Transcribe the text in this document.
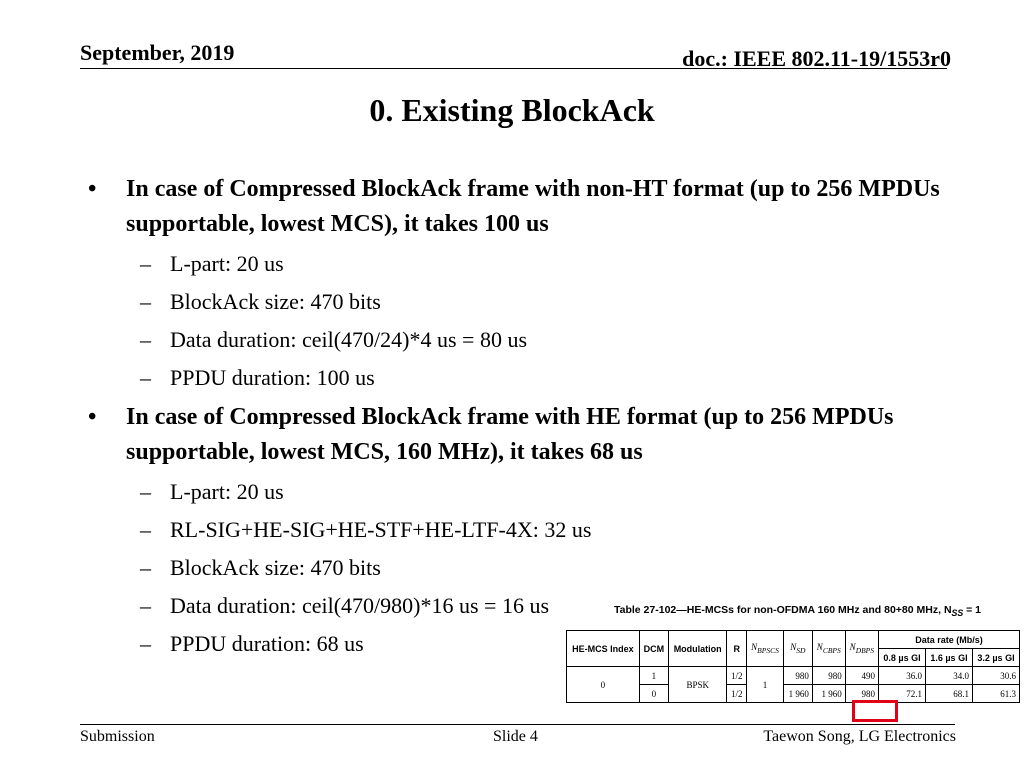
September, 2019	doc.: IEEE 802.11-19/1553r0
0. Existing BlockAck
• In case of Compressed BlockAck frame with non-HT format (up to 256 MPDUs supportable, lowest MCS), it takes 100 us
– L-part: 20 us
– BlockAck size: 470 bits
– Data duration: ceil(470/24)*4 us = 80 us
– PPDU duration: 100 us
• In case of Compressed BlockAck frame with HE format (up to 256 MPDUs supportable, lowest MCS, 160 MHz), it takes 68 us
– L-part: 20 us
– RL-SIG+HE-SIG+HE-STF+HE-LTF-4X: 32 us
– BlockAck size: 470 bits
– Data duration: ceil(470/980)*16 us = 16 us
– PPDU duration: 68 us
Table 27-102—HE-MCSs for non-OFDMA 160 MHz and 80+80 MHz, $N_{SS} = 1$
HE-MCS Index	DCM	Modulation	R	$N_{BPSCS}$	$N_{SD}$	$N_{CBPS}$	$N_{DBPS}$	Data rate (Mb/s)		
								0.8 µs GI	1.6 µs GI	3.2 µs GI
0	1	BPSK	1/2	1	980	980	490	36.0	34.0	30.6
	0		1/2		1 960	1 960	980	72.1	68.1	61.3
Submission	Slide 4	Taewon Song, LG Electronics
